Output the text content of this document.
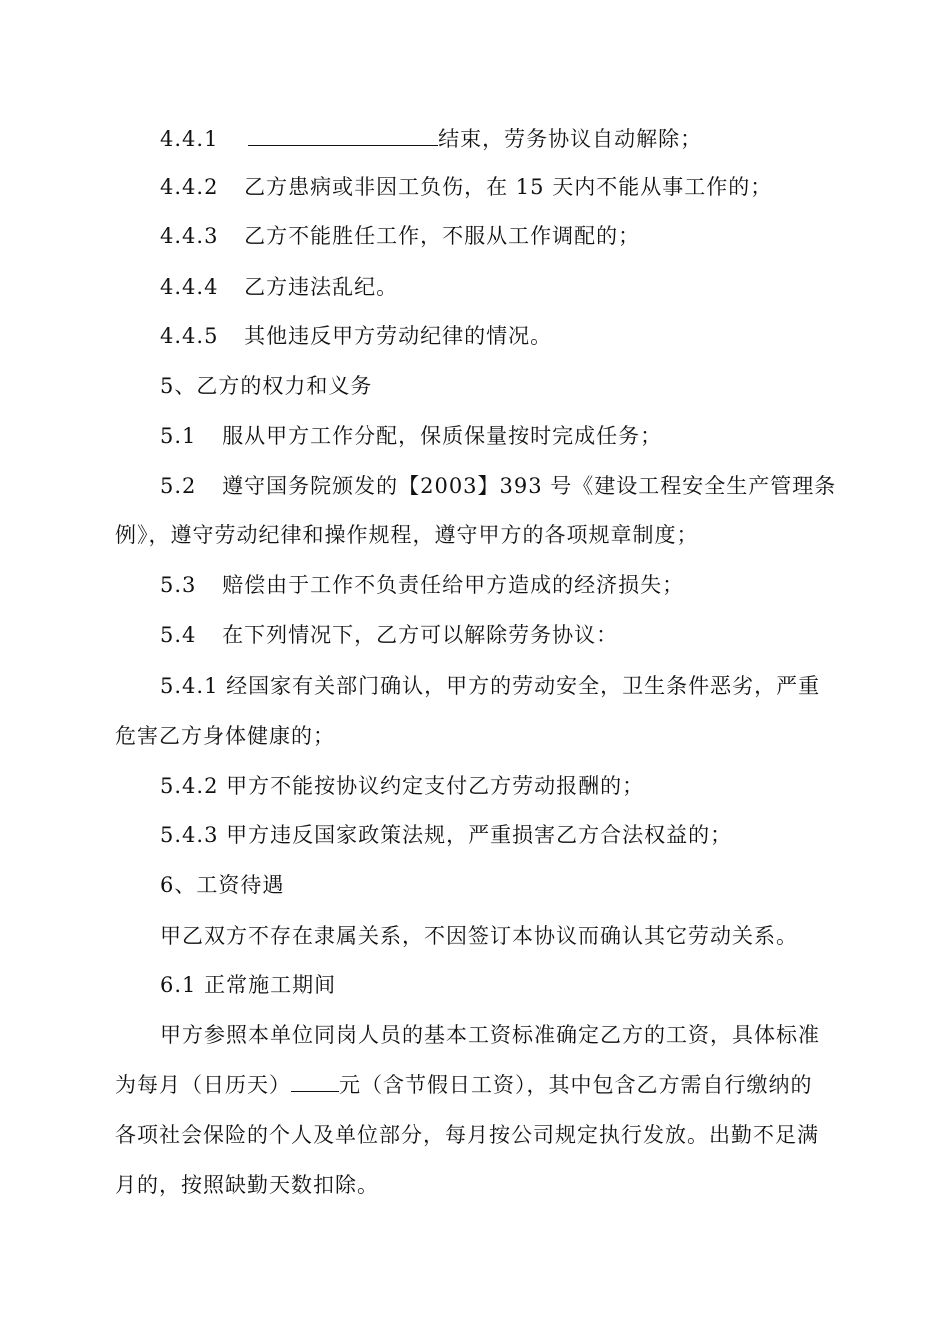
4.4.1	结束，劳务协议自动解除；
4.4.2 乙方患病或非因工负伤，在 15 天内不能从事工作的；
4.4.3 乙方不能胜任工作，不服从工作调配的；
4.4.4 乙方违法乱纪。
4.4.5 其他违反甲方劳动纪律的情况。
5、乙方的权力和义务
5.1 服从甲方工作分配，保质保量按时完成任务；
5.2 遵守国务院颁发的【2003】393 号《建设工程安全生产管理条
例》，遵守劳动纪律和操作规程，遵守甲方的各项规章制度；
5.3 赔偿由于工作不负责任给甲方造成的经济损失；
5.4 在下列情况下，乙方可以解除劳务协议：
5.4.1 经国家有关部门确认，甲方的劳动安全，卫生条件恶劣，严重
危害乙方身体健康的；
5.4.2 甲方不能按协议约定支付乙方劳动报酬的；
5.4.3 甲方违反国家政策法规，严重损害乙方合法权益的；
6、工资待遇
甲乙双方不存在隶属关系，不因签订本协议而确认其它劳动关系。
6.1 正常施工期间
甲方参照本单位同岗人员的基本工资标准确定乙方的工资，具体标准
为每月（日历天） 元（含节假日工资），其中包含乙方需自行缴纳的
各项社会保险的个人及单位部分，每月按公司规定执行发放。出勤不足满
月的，按照缺勤天数扣除。
